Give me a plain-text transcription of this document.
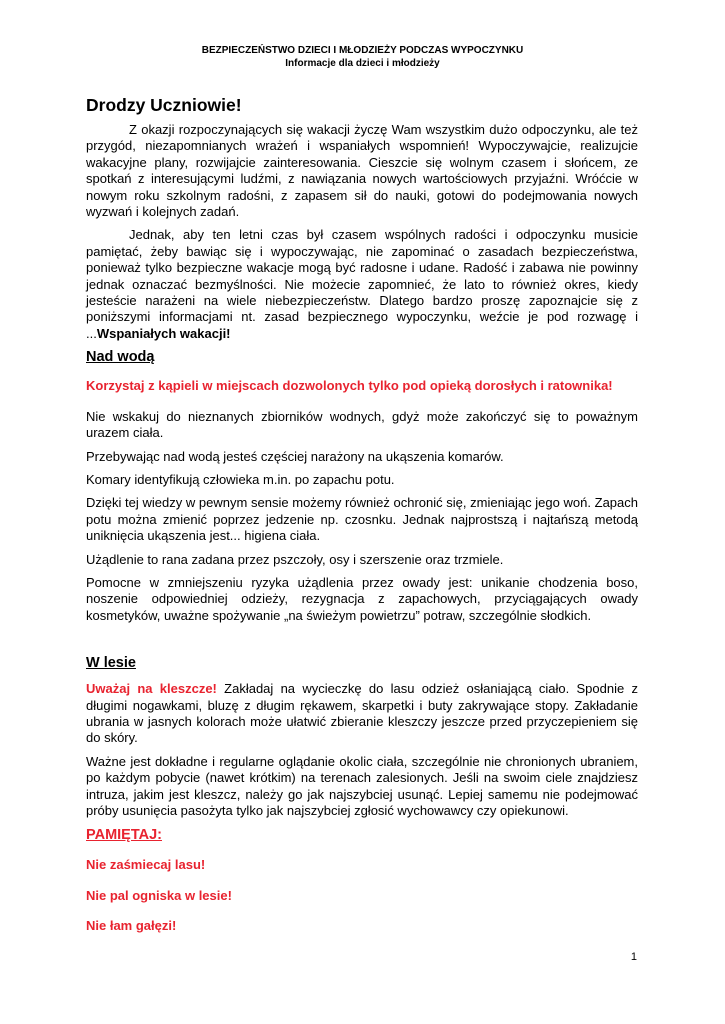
BEZPIECZEŃSTWO DZIECI I MŁODZIEŻY PODCZAS WYPOCZYNKU
Informacje dla dzieci i młodzieży
Drodzy Uczniowie!

Z okazji rozpoczynających się wakacji życzę Wam wszystkim dużo odpoczynku, ale też przygód, niezapomnianych wrażeń i wspaniałych wspomnień! Wypoczywajcie, realizujcie wakacyjne plany, rozwijajcie zainteresowania. Cieszcie się wolnym czasem i słońcem, ze spotkań z interesującymi ludźmi, z nawiązania nowych wartościowych przyjaźni. Wróćcie w nowym roku szkolnym radośni, z zapasem sił do nauki, gotowi do podejmowania nowych wyzwań i kolejnych zadań.

Jednak, aby ten letni czas był czasem wspólnych radości i odpoczynku musicie pamiętać, żeby bawiąc się i wypoczywając, nie zapominać o zasadach bezpieczeństwa, ponieważ tylko bezpieczne wakacje mogą być radosne i udane. Radość i zabawa nie powinny jednak oznaczać bezmyślności. Nie możecie zapomnieć, że lato to również okres, kiedy jesteście narażeni na wiele niebezpieczeństw. Dlatego bardzo proszę zapoznajcie się z poniższymi informacjami nt. zasad bezpiecznego wypoczynku, weźcie je pod rozwagę i ...Wspaniałych wakacji!

Nad wodą

Korzystaj z kąpieli w miejscach dozwolonych tylko pod opieką dorosłych i ratownika!

Nie wskakuj do nieznanych zbiorników wodnych, gdyż może zakończyć się to poważnym urazem ciała.

Przebywając nad wodą jesteś częściej narażony na ukąszenia komarów.

Komary identyfikują człowieka m.in. po zapachu potu.

Dzięki tej wiedzy w pewnym sensie możemy również ochronić się, zmieniając jego woń. Zapach potu można zmienić poprzez jedzenie np. czosnku. Jednak najprostszą i najtańszą metodą uniknięcia ukąszenia jest... higiena ciała.

Użądlenie to rana zadana przez pszczoły, osy i szerszenie oraz trzmiele.

Pomocne w zmniejszeniu ryzyka użądlenia przez owady jest: unikanie chodzenia boso, noszenie odpowiedniej odzieży, rezygnacja z zapachowych, przyciągających owady kosmetyków, uważne spożywanie „na świeżym powietrzu” potraw, szczególnie słodkich.

W lesie

Uważaj na kleszcze! Zakładaj na wycieczkę do lasu odzież osłaniającą ciało. Spodnie z długimi nogawkami, bluzę z długim rękawem, skarpetki i buty zakrywające stopy. Zakładanie ubrania w jasnych kolorach może ułatwić zbieranie kleszczy jeszcze przed przyczepieniem się do skóry.

Ważne jest dokładne i regularne oglądanie okolic ciała, szczególnie nie chronionych ubraniem, po każdym pobycie (nawet krótkim) na terenach zalesionych. Jeśli na swoim ciele znajdziesz intruza, jakim jest kleszcz, należy go jak najszybciej usunąć. Lepiej samemu nie podejmować próby usunięcia pasożyta tylko jak najszybciej zgłosić wychowawcy czy opiekunowi.

PAMIĘTAJ:

Nie zaśmiecaj lasu!

Nie pal ogniska w lesie!

Nie łam gałęzi!

1
